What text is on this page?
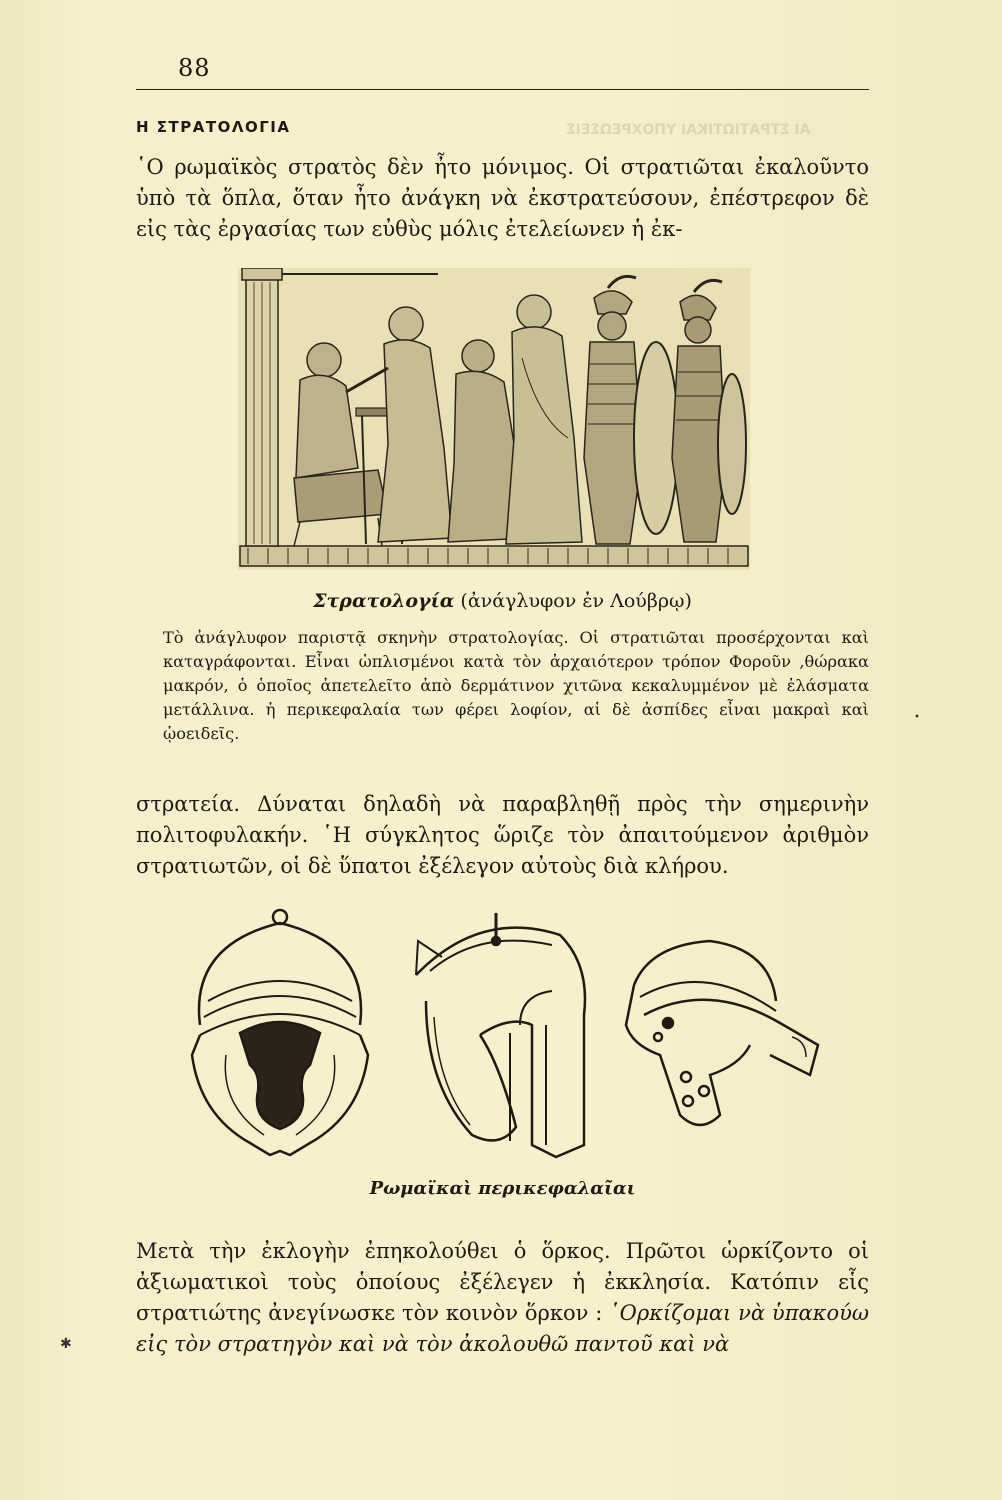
ΑΙ ΣΤΡΑΤΙΩΤΙΚΑΙ ΥΠΟΧΡΕΩΣΕΙΣ
88
Η ΣΤΡΑΤΟΛΟΓΙΑ
῾Ο ρωμαϊκὸς στρατὸς δὲν ἦτο μόνιμος. Οἱ στρατιῶται ἐκαλοῦντο ὑπὸ τὰ ὅπλα, ὅταν ἦτο ἀνάγκη νὰ ἐκστρατεύσουν, ἐπέστρεφον δὲ εἰς τὰς ἐργασίας των εὐθὺς μόλις ἐτελείωνεν ἡ ἐκ-
Στρατολογία (ἀνάγλυφον ἐν Λούβρῳ)
Τὸ ἀνάγλυφον παριστᾷ σκηνὴν στρατολογίας. Οἱ στρατιῶται προσέρχονται καὶ καταγράφονται. Εἶναι ὡπλισμένοι κατὰ τὸν ἀρχαιότερον τρόπον Φοροῦν ,θώρακα μακρόν, ὁ ὁποῖος ἀπετελεῖτο ἀπὸ δερμάτινον χιτῶνα κεκαλυμμένον μὲ ἐλάσματα μετάλλινα. ἡ περικεφαλαία των φέρει λοφίον, αἱ δὲ ἀσπίδες εἶναι μακραὶ καὶ ᾠοειδεῖς.
στρατεία. Δύναται δηλαδὴ νὰ παραβληθῇ πρὸς τὴν σημερινὴν πολιτοφυλακήν. ῾Η σύγκλητος ὥριζε τὸν ἀπαιτούμενον ἀριθμὸν στρατιωτῶν, οἱ δὲ ὕπατοι ἐξέλεγον αὐτοὺς διὰ κλήρου.
Ρωμαϊκαὶ περικεφαλαῖαι
Μετὰ τὴν ἐκλογὴν ἐπηκολούθει ὁ ὅρκος. Πρῶτοι ὡρκίζοντο οἱ ἀξιωματικοὶ τοὺς ὁποίους ἐξέλεγεν ἡ ἐκκλησία. Κατόπιν εἷς στρατιώτης ἀνεγίνωσκε τὸν κοινὸν ὅρκον : ῾Ορκίζομαι νὰ ὑπακούω εἰς τὸν στρατηγὸν καὶ νὰ τὸν ἀκολουθῶ παντοῦ καὶ νὰ
✱
•
